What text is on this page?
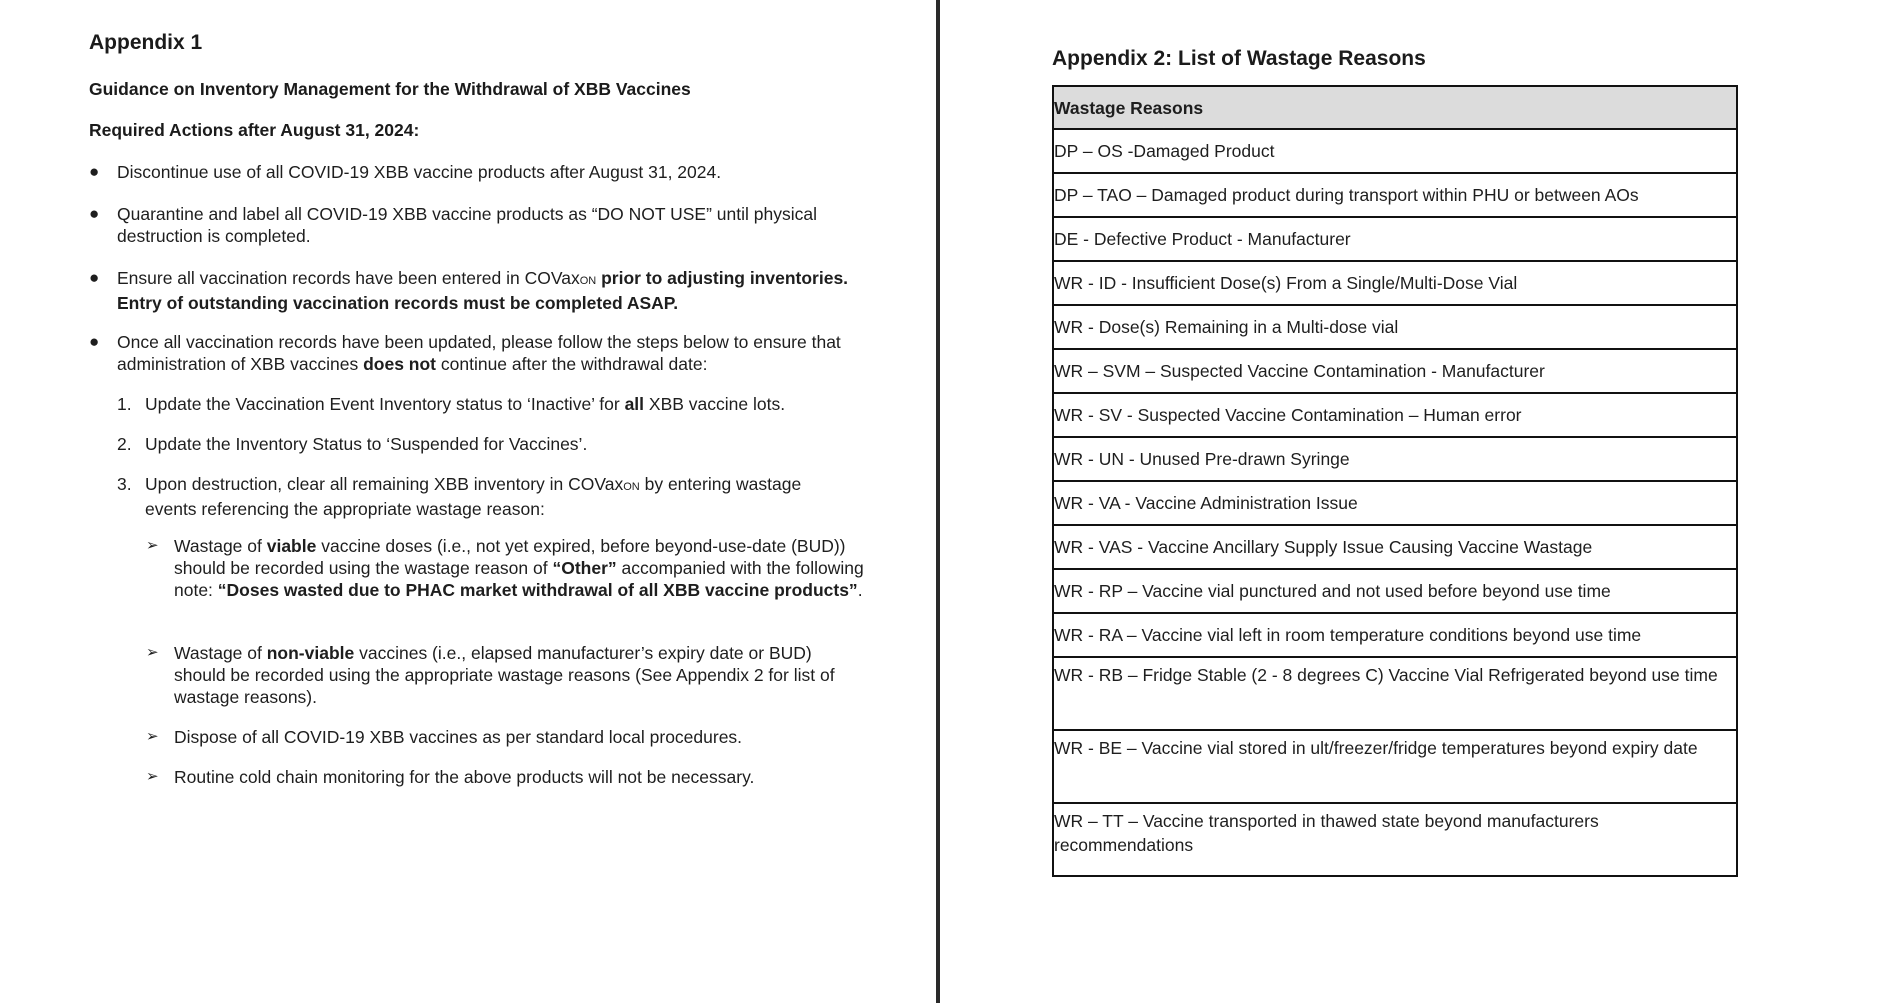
Appendix 1
Guidance on Inventory Management for the Withdrawal of XBB Vaccines
Required Actions after August 31, 2024:
● Discontinue use of all COVID-19 XBB vaccine products after August 31, 2024.
● Quarantine and label all COVID-19 XBB vaccine products as “DO NOT USE” until physical destruction is completed.
● Ensure all vaccination records have been entered in COVaxON prior to adjusting inventories. Entry of outstanding vaccination records must be completed ASAP.
● Once all vaccination records have been updated, please follow the steps below to ensure that administration of XBB vaccines does not continue after the withdrawal date:
1. Update the Vaccination Event Inventory status to ‘Inactive’ for all XBB vaccine lots.
2. Update the Inventory Status to ‘Suspended for Vaccines’.
3. Upon destruction, clear all remaining XBB inventory in COVaxON by entering wastage events referencing the appropriate wastage reason:
➢ Wastage of viable vaccine doses (i.e., not yet expired, before beyond-use-date (BUD)) should be recorded using the wastage reason of “Other” accompanied with the following note: “Doses wasted due to PHAC market withdrawal of all XBB vaccine products”.
➢ Wastage of non-viable vaccines (i.e., elapsed manufacturer’s expiry date or BUD) should be recorded using the appropriate wastage reasons (See Appendix 2 for list of wastage reasons).
➢ Dispose of all COVID-19 XBB vaccines as per standard local procedures.
➢ Routine cold chain monitoring for the above products will not be necessary.
Appendix 2: List of Wastage Reasons
Wastage Reasons
DP – OS -Damaged Product
DP – TAO – Damaged product during transport within PHU or between AOs
DE - Defective Product - Manufacturer
WR - ID - Insufficient Dose(s) From a Single/Multi-Dose Vial
WR - Dose(s) Remaining in a Multi-dose vial
WR – SVM – Suspected Vaccine Contamination - Manufacturer
WR - SV - Suspected Vaccine Contamination – Human error
WR - UN - Unused Pre-drawn Syringe
WR - VA - Vaccine Administration Issue
WR - VAS - Vaccine Ancillary Supply Issue Causing Vaccine Wastage
WR - RP – Vaccine vial punctured and not used before beyond use time
WR - RA – Vaccine vial left in room temperature conditions beyond use time
WR - RB – Fridge Stable (2 - 8 degrees C) Vaccine Vial Refrigerated beyond use time
WR - BE – Vaccine vial stored in ult/freezer/fridge temperatures beyond expiry date
WR – TT – Vaccine transported in thawed state beyond manufacturers recommendations
